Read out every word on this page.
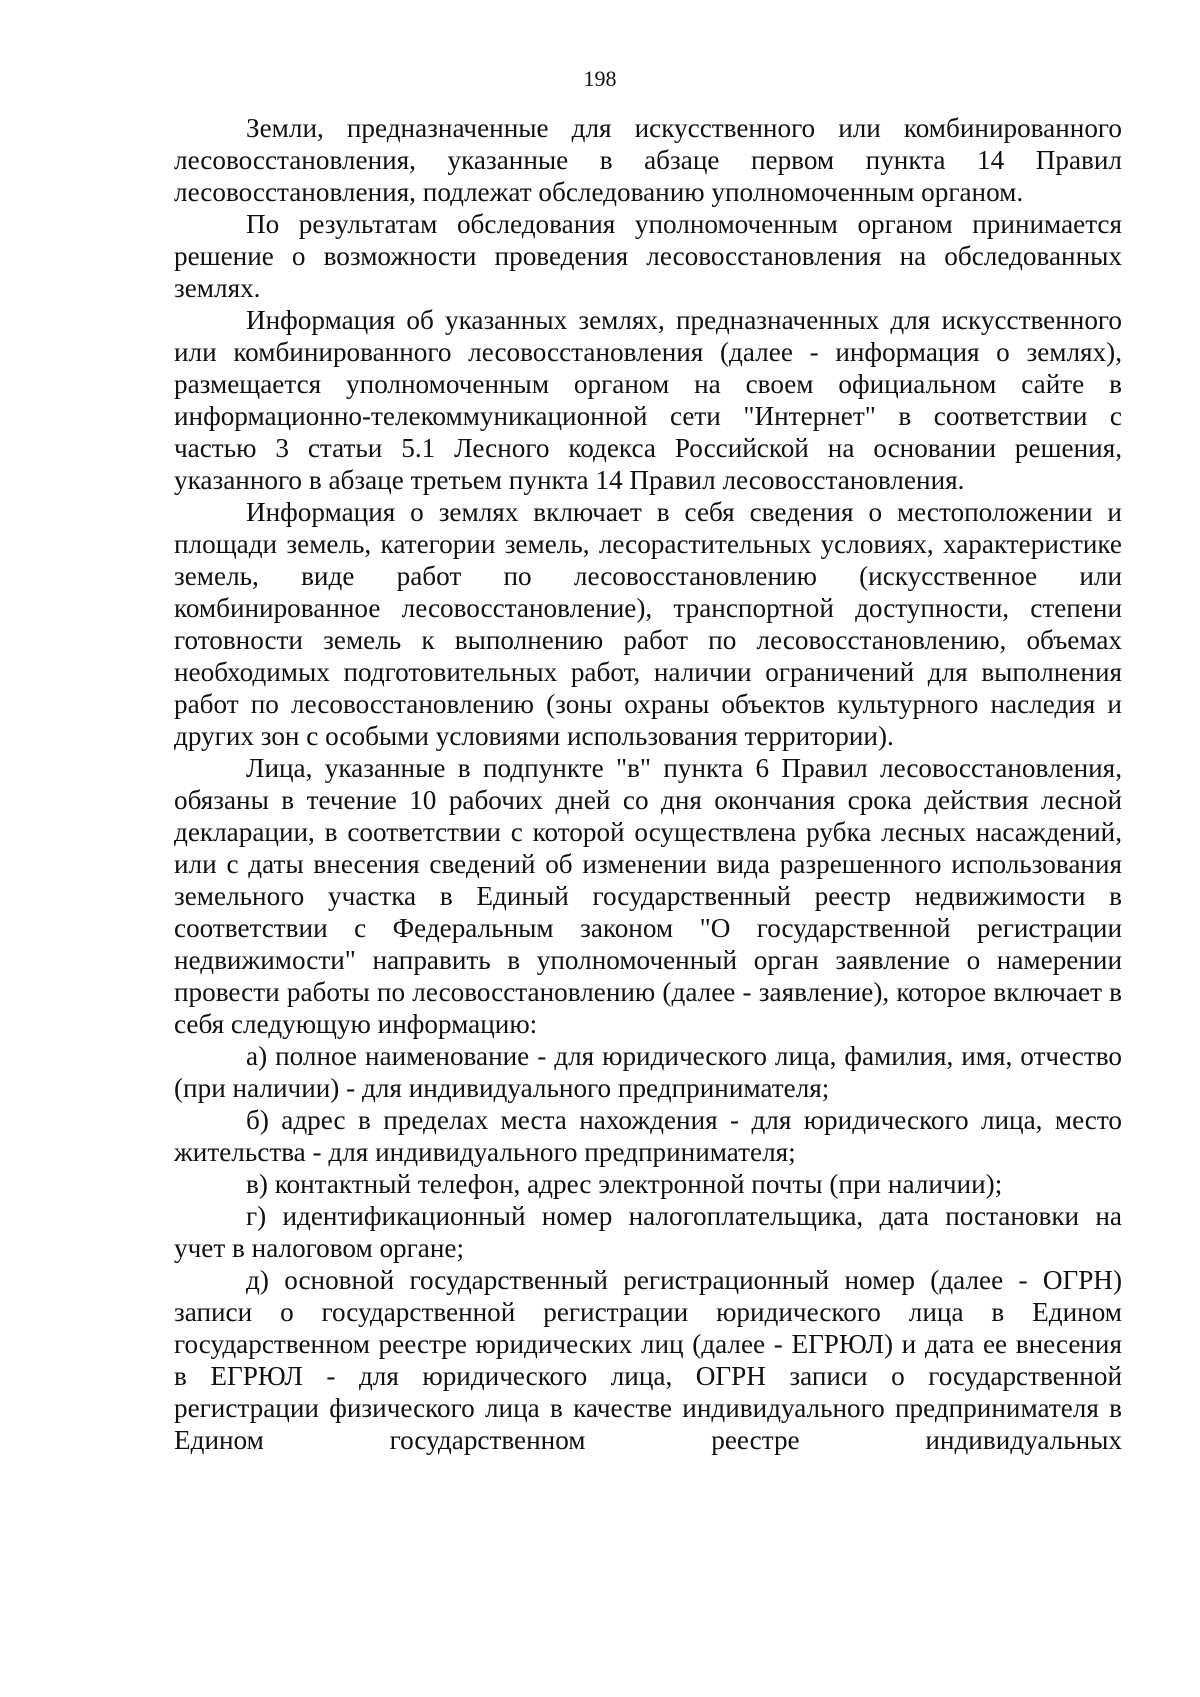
198

Земли, предназначенные для искусственного или комбинированного лесовосстановления, указанные в абзаце первом пункта 14 Правил лесовосстановления, подлежат обследованию уполномоченным органом.

По результатам обследования уполномоченным органом принимается решение о возможности проведения лесовосстановления на обследованных землях.

Информация об указанных землях, предназначенных для искусственного или комбинированного лесовосстановления (далее - информация о землях), размещается уполномоченным органом на своем официальном сайте в информационно-телекоммуникационной сети "Интернет" в соответствии с частью 3 статьи 5.1 Лесного кодекса Российской на основании решения, указанного в абзаце третьем пункта 14 Правил лесовосстановления.

Информация о землях включает в себя сведения о местоположении и площади земель, категории земель, лесорастительных условиях, характеристике земель, виде работ по лесовосстановлению (искусственное или комбинированное лесовосстановление), транспортной доступности, степени готовности земель к выполнению работ по лесовосстановлению, объемах необходимых подготовительных работ, наличии ограничений для выполнения работ по лесовосстановлению (зоны охраны объектов культурного наследия и других зон с особыми условиями использования территории).

Лица, указанные в подпункте "в" пункта 6 Правил лесовосстановления, обязаны в течение 10 рабочих дней со дня окончания срока действия лесной декларации, в соответствии с которой осуществлена рубка лесных насаждений, или с даты внесения сведений об изменении вида разрешенного использования земельного участка в Единый государственный реестр недвижимости в соответствии с Федеральным законом "О государственной регистрации недвижимости" направить в уполномоченный орган заявление о намерении провести работы по лесовосстановлению (далее - заявление), которое включает в себя следующую информацию:

а) полное наименование - для юридического лица, фамилия, имя, отчество (при наличии) - для индивидуального предпринимателя;

б) адрес в пределах места нахождения - для юридического лица, место жительства - для индивидуального предпринимателя;

в) контактный телефон, адрес электронной почты (при наличии);

г) идентификационный номер налогоплательщика, дата постановки на учет в налоговом органе;

д) основной государственный регистрационный номер (далее - ОГРН) записи о государственной регистрации юридического лица в Едином государственном реестре юридических лиц (далее - ЕГРЮЛ) и дата ее внесения в ЕГРЮЛ - для юридического лица, ОГРН записи о государственной регистрации физического лица в качестве индивидуального предпринимателя в Едином государственном реестре индивидуальных
